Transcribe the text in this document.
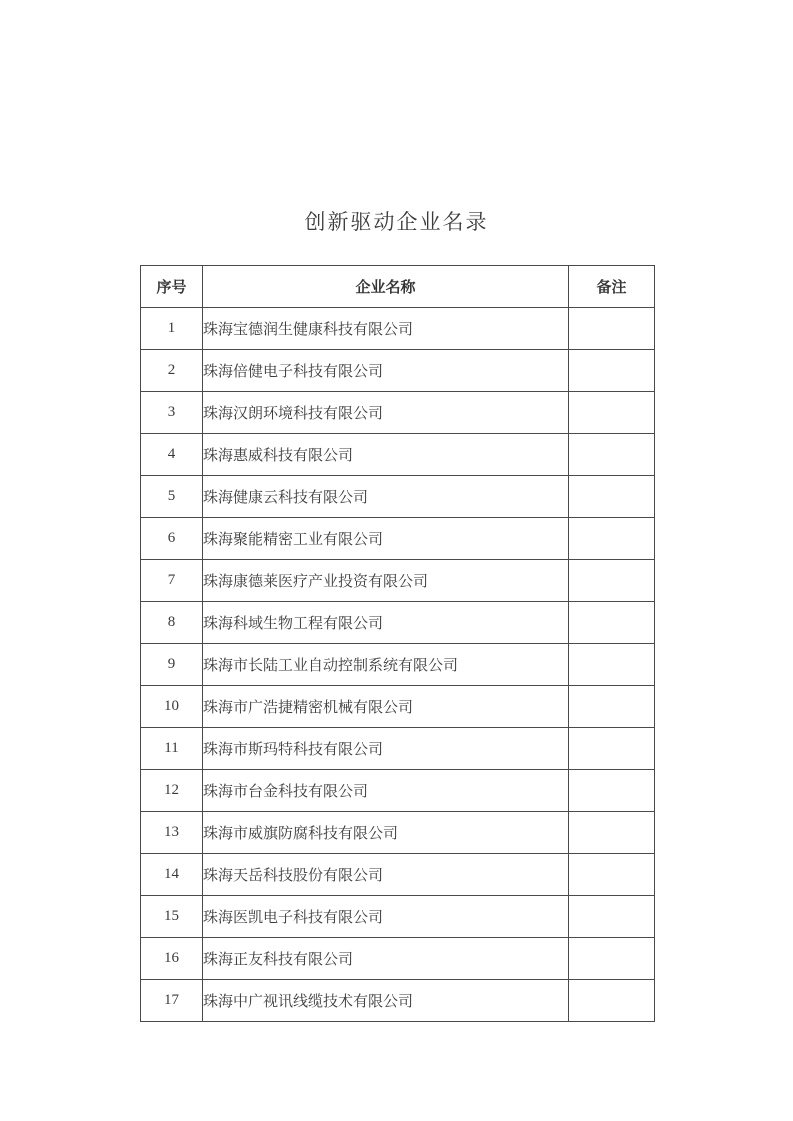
创新驱动企业名录
序号	企业名称	备注
1	珠海宝德润生健康科技有限公司	
2	珠海倍健电子科技有限公司	
3	珠海汉朗环境科技有限公司	
4	珠海惠威科技有限公司	
5	珠海健康云科技有限公司	
6	珠海聚能精密工业有限公司	
7	珠海康德莱医疗产业投资有限公司	
8	珠海科域生物工程有限公司	
9	珠海市长陆工业自动控制系统有限公司	
10	珠海市广浩捷精密机械有限公司	
11	珠海市斯玛特科技有限公司	
12	珠海市台金科技有限公司	
13	珠海市威旗防腐科技有限公司	
14	珠海天岳科技股份有限公司	
15	珠海医凯电子科技有限公司	
16	珠海正友科技有限公司	
17	珠海中广视讯线缆技术有限公司	
